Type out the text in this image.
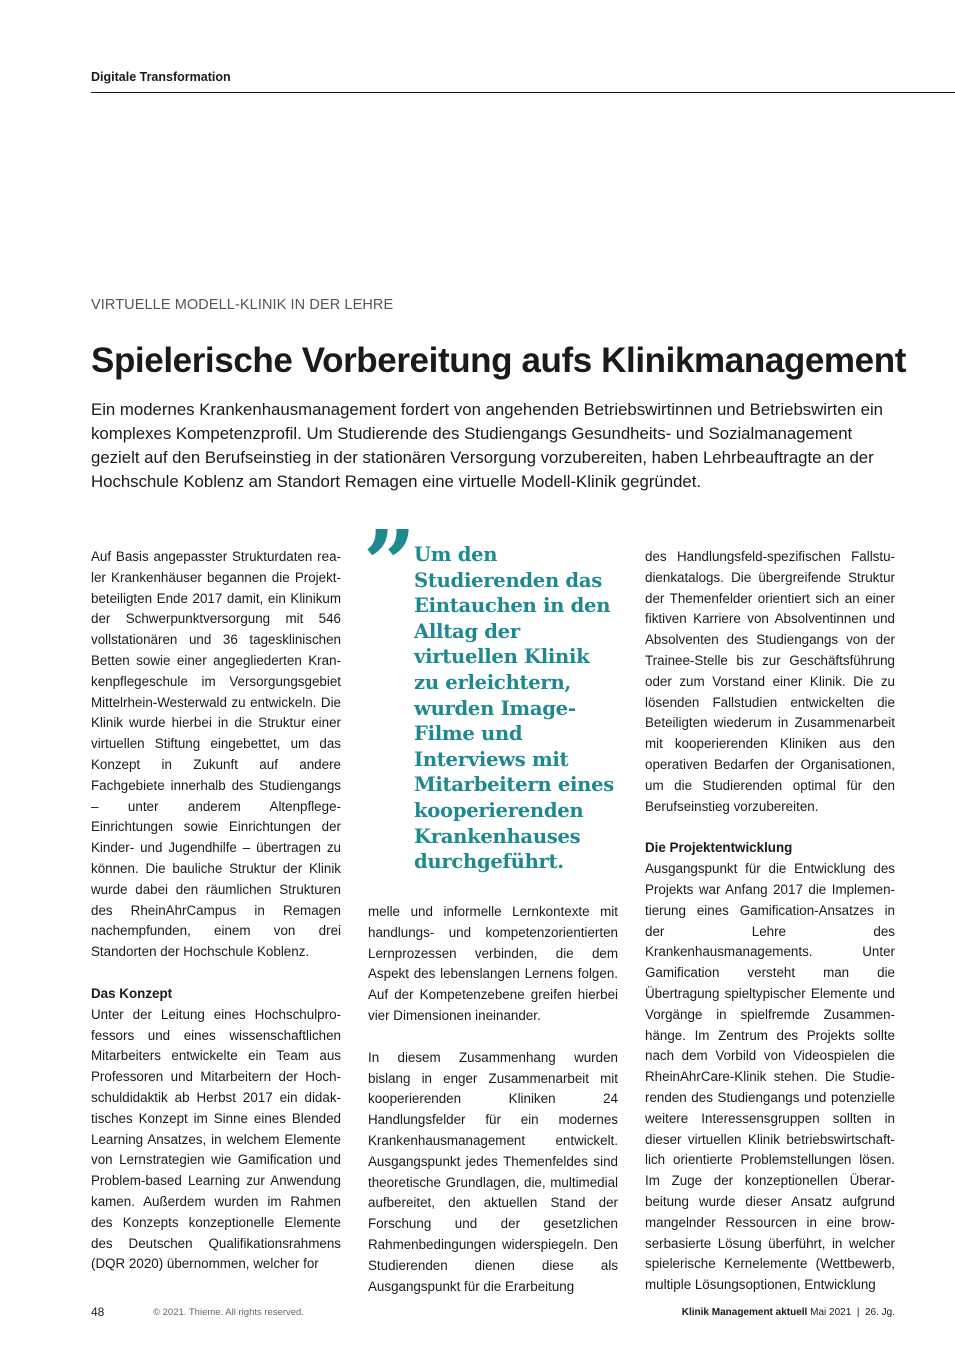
Digitale Transformation
VIRTUELLE MODELL-KLINIK IN DER LEHRE
Spielerische Vorbereitung aufs Klinikmanagement

Ein modernes Krankenhausmanagement fordert von angehenden Betriebswirtinnen und Betriebswirten ein komplexes Kompetenzprofil. Um Studierende des Studiengangs Gesundheits- und Sozialmanagement gezielt auf den Berufseinstieg in der stationären Versorgung vorzubereiten, haben Lehrbeauftragte an der Hochschule Koblenz am Standort Remagen eine virtuelle Modell-Klinik gegründet.

Auf Basis angepasster Strukturdaten realer Krankenhäuser begannen die Projektbeteiligten Ende 2017 damit, ein Klinikum der Schwerpunktversorgung mit 546 vollstationären und 36 tagesklinischen Betten sowie einer angegliederten Krankenpflegeschule im Versorgungsgebiet Mittelrhein-Westerwald zu entwickeln. Die Klinik wurde hierbei in die Struktur einer virtuellen Stiftung eingebettet, um das Konzept in Zukunft auf andere Fachgebiete innerhalb des Studiengangs – unter anderem Altenpflege-Einrichtungen sowie Einrichtungen der Kinder- und Jugendhilfe – übertragen zu können. Die bauliche Struktur der Klinik wurde dabei den räumlichen Strukturen des RheinAhrCampus in Remagen nachempfunden, einem von drei Standorten der Hochschule Koblenz.

Das Konzept

Unter der Leitung eines Hochschulprofessors und eines wissenschaftlichen Mitarbeiters entwickelte ein Team aus Professoren und Mitarbeitern der Hochschuldidaktik ab Herbst 2017 ein didaktisches Konzept im Sinne eines Blended Learning Ansatzes, in welchem Elemente von Lernstrategien wie Gamification und Problem-based Learning zur Anwendung kamen. Außerdem wurden im Rahmen des Konzepts konzeptionelle Elemente des Deutschen Qualifikationsrahmens (DQR 2020) übernommen, welcher for

”
Um den Studierenden das Eintauchen in den Alltag der virtuellen Klinik zu erleichtern, wurden Image-Filme und Interviews mit Mitarbeitern eines kooperierenden Krankenhauses durchgeführt.

melle und informelle Lernkontexte mit handlungs- und kompetenzorientierten Lernprozessen verbinden, die dem Aspekt des lebenslangen Lernens folgen. Auf der Kompetenzebene greifen hierbei vier Dimensionen ineinander.

In diesem Zusammenhang wurden bislang in enger Zusammenarbeit mit kooperierenden Kliniken 24 Handlungsfelder für ein modernes Krankenhausmanagement entwickelt. Ausgangspunkt jedes Themenfeldes sind theoretische Grundlagen, die, multimedial aufbereitet, den aktuellen Stand der Forschung und der gesetzlichen Rahmenbedingungen widerspiegeln. Den Studierenden dienen diese als Ausgangspunkt für die Erarbeitung

des Handlungsfeld-spezifischen Fallstudienkatalogs. Die übergreifende Struktur der Themenfelder orientiert sich an einer fiktiven Karriere von Absolventinnen und Absolventen des Studiengangs von der Trainee-Stelle bis zur Geschäftsführung oder zum Vorstand einer Klinik. Die zu lösenden Fallstudien entwickelten die Beteiligten wiederum in Zusammenarbeit mit kooperierenden Kliniken aus den operativen Bedarfen der Organisationen, um die Studierenden optimal für den Berufseinstieg vorzubereiten.

Die Projektentwicklung

Ausgangspunkt für die Entwicklung des Projekts war Anfang 2017 die Implementierung eines Gamification-Ansatzes in der Lehre des Krankenhausmanagements. Unter Gamification versteht man die Übertragung spieltypischer Elemente und Vorgänge in spielfremde Zusammenhänge. Im Zentrum des Projekts sollte nach dem Vorbild von Videospielen die RheinAhrCare-Klinik stehen. Die Studierenden des Studiengangs und potenzielle weitere Interessensgruppen sollten in dieser virtuellen Klinik betriebswirtschaftlich orientierte Problemstellungen lösen. Im Zuge der konzeptionellen Überarbeitung wurde dieser Ansatz aufgrund mangelnder Ressourcen in eine browserbasierte Lösung überführt, in welcher spielerische Kernelemente (Wettbewerb, multiple Lösungsoptionen, Entwicklung

48	© 2021. Thieme. All rights reserved.	Klinik Management aktuell Mai 2021  |  26. Jg.
